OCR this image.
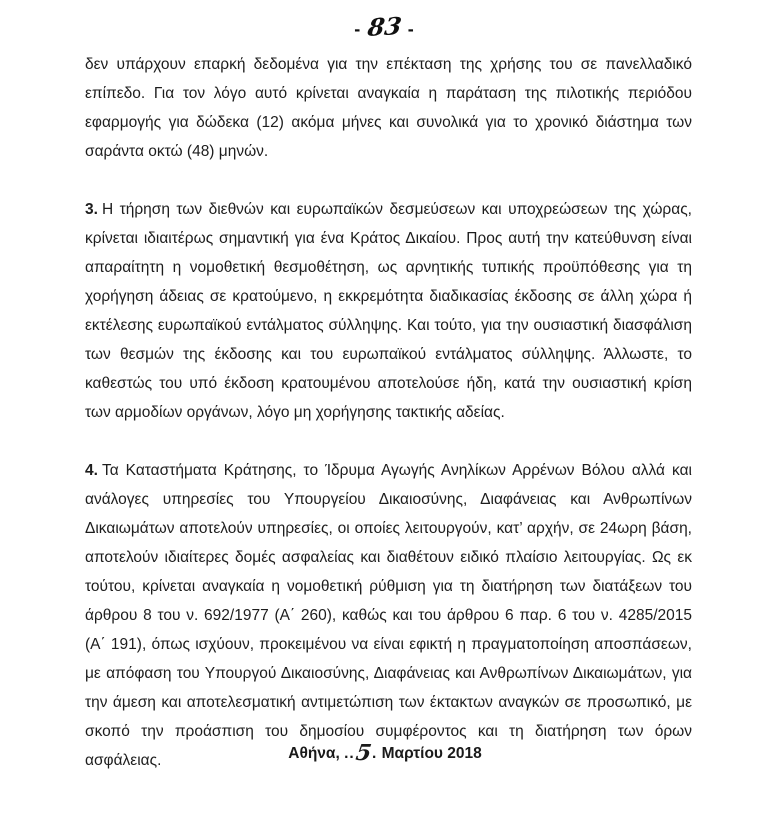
- 83 -

δεν υπάρχουν επαρκή δεδομένα για την επέκταση της χρήσης του σε πανελλαδικό επίπεδο. Για τον λόγο αυτό κρίνεται αναγκαία η παράταση της πιλοτικής περιόδου εφαρμογής για δώδεκα (12) ακόμα μήνες και συνολικά για το χρονικό διάστημα των σαράντα οκτώ (48) μηνών.

3. Η τήρηση των διεθνών και ευρωπαϊκών δεσμεύσεων και υποχρεώσεων της χώρας, κρίνεται ιδιαιτέρως σημαντική για ένα Κράτος Δικαίου. Προς αυτή την κατεύθυνση είναι απαραίτητη η νομοθετική θεσμοθέτηση, ως αρνητικής τυπικής προϋπόθεσης για τη χορήγηση άδειας σε κρατούμενο, η εκκρεμότητα διαδικασίας έκδοσης σε άλλη χώρα ή εκτέλεσης ευρωπαϊκού εντάλματος σύλληψης. Και τούτο, για την ουσιαστική διασφάλιση των θεσμών της έκδοσης και του ευρωπαϊκού εντάλματος σύλληψης. Άλλωστε, το καθεστώς του υπό έκδοση κρατουμένου αποτελούσε ήδη, κατά την ουσιαστική κρίση των αρμοδίων οργάνων, λόγο μη χορήγησης τακτικής αδείας.

4. Τα Καταστήματα Κράτησης, το Ίδρυμα Αγωγής Ανηλίκων Αρρένων Βόλου αλλά και ανάλογες υπηρεσίες του Υπουργείου Δικαιοσύνης, Διαφάνειας και Ανθρωπίνων Δικαιωμάτων αποτελούν υπηρεσίες, οι οποίες λειτουργούν, κατ’ αρχήν, σε 24ωρη βάση, αποτελούν ιδιαίτερες δομές ασφαλείας και διαθέτουν ειδικό πλαίσιο λειτουργίας. Ως εκ τούτου, κρίνεται αναγκαία η νομοθετική ρύθμιση για τη διατήρηση των διατάξεων του άρθρου 8 του ν. 692/1977 (Α΄ 260), καθώς και του άρθρου 6 παρ. 6 του ν. 4285/2015 (Α΄ 191), όπως ισχύουν, προκειμένου να είναι εφικτή η πραγματοποίηση αποσπάσεων, με απόφαση του Υπουργού Δικαιοσύνης, Διαφάνειας και Ανθρωπίνων Δικαιωμάτων, για την άμεση και αποτελεσματική αντιμετώπιση των έκτακτων αναγκών σε προσωπικό, με σκοπό την προάσπιση του δημοσίου συμφέροντος και τη διατήρηση των όρων ασφάλειας.	Αθήνα, ..5. Μαρτίου 2018
